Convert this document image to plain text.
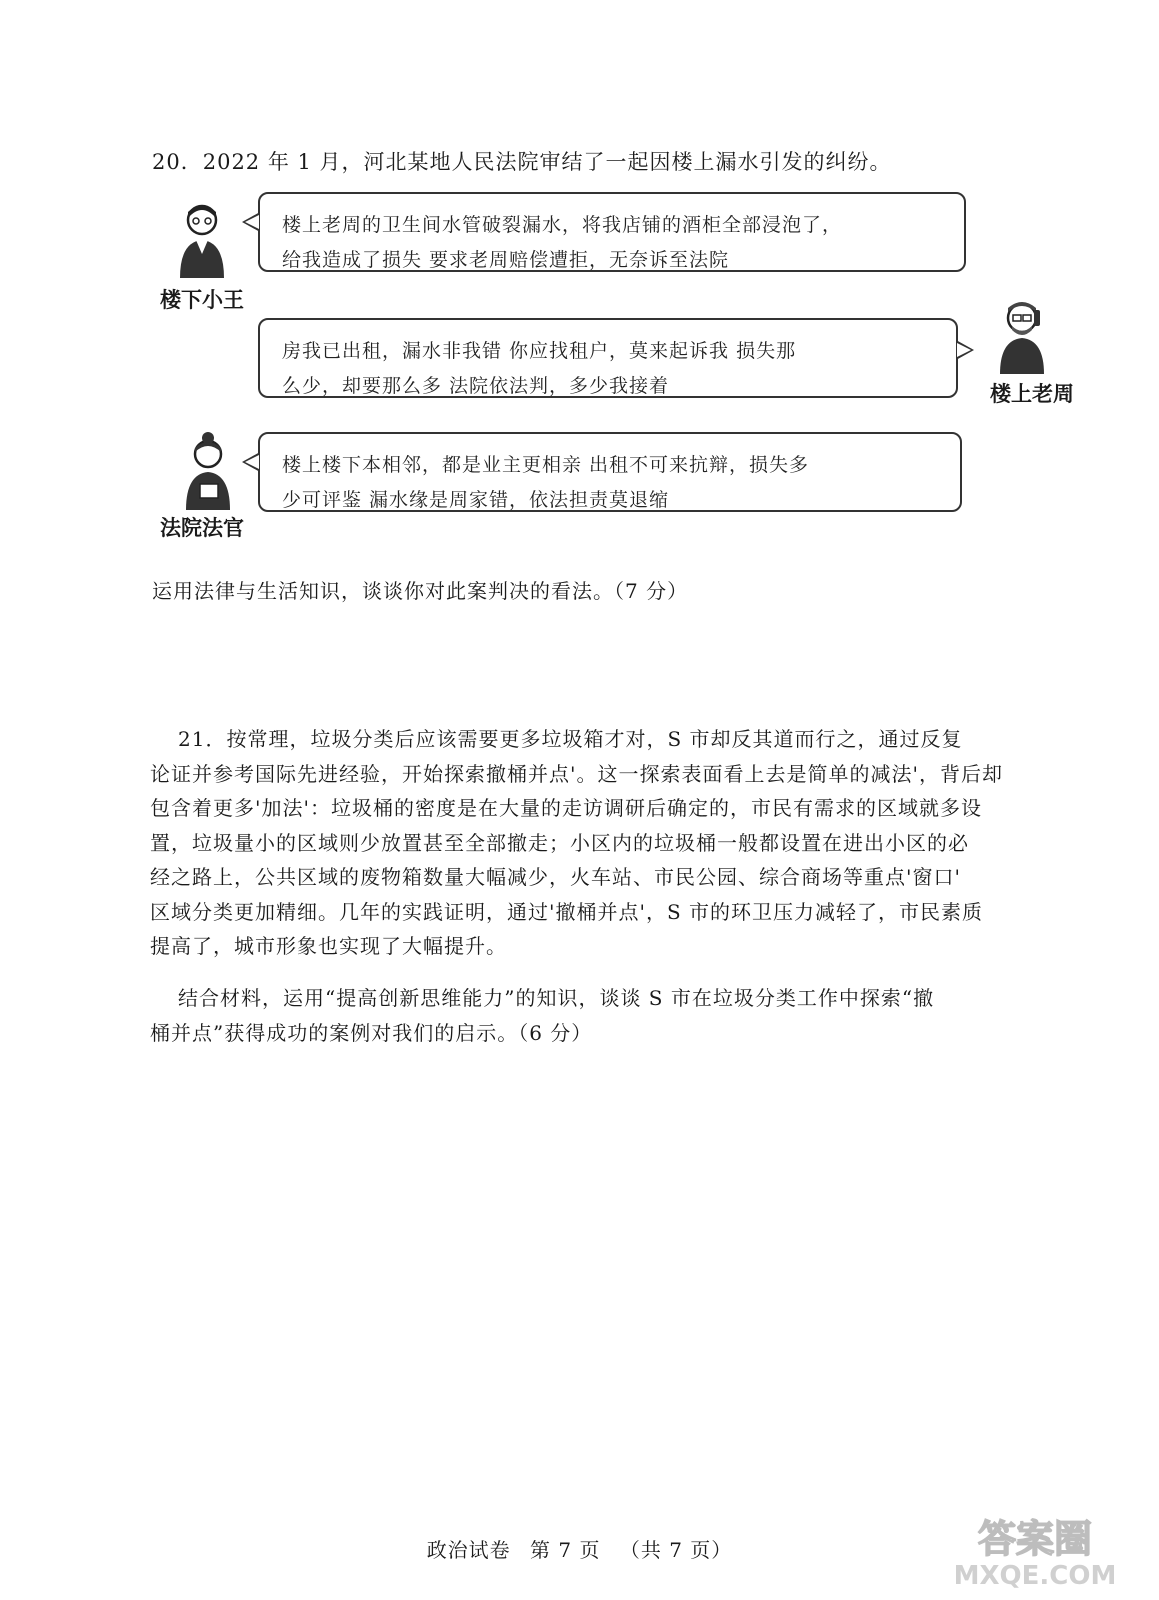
20．2022 年 1 月，河北某地人民法院审结了一起因楼上漏水引发的纠纷。
楼下小王

楼上老周的卫生间水管破裂漏水，将我店铺的酒柜全部浸泡了，

给我造成了损失 要求老周赔偿遭拒，无奈诉至法院

楼上老周

房我已出租，漏水非我错 你应找租户，莫来起诉我 损失那

么少，却要那么多 法院依法判，多少我接着

法院法官

楼上楼下本相邻，都是业主更相亲 出租不可来抗辩，损失多

少可评鉴 漏水缘是周家错，依法担责莫退缩

运用法律与生活知识，谈谈你对此案判决的看法。（7 分）

21．按常理，垃圾分类后应该需要更多垃圾箱才对，S 市却反其道而行之，通过反复
论证并参考国际先进经验，开始探索撤桶并点'。这一探索表面看上去是简单的减法'，背后却
包含着更多'加法'：垃圾桶的密度是在大量的走访调研后确定的，市民有需求的区域就多设
置，垃圾量小的区域则少放置甚至全部撤走；小区内的垃圾桶一般都设置在进出小区的必
经之路上，公共区域的废物箱数量大幅减少，火车站、市民公园、综合商场等重点'窗口'
区域分类更加精细。几年的实践证明，通过'撤桶并点'，S 市的环卫压力减轻了，市民素质
提高了，城市形象也实现了大幅提升。
结合材料，运用“提高创新思维能力”的知识，谈谈 S 市在垃圾分类工作中探索“撤
桶并点”获得成功的案例对我们的启示。（6 分）
政治试卷 第 7 页 （共 7 页）	答案圈
MXQE.COM
